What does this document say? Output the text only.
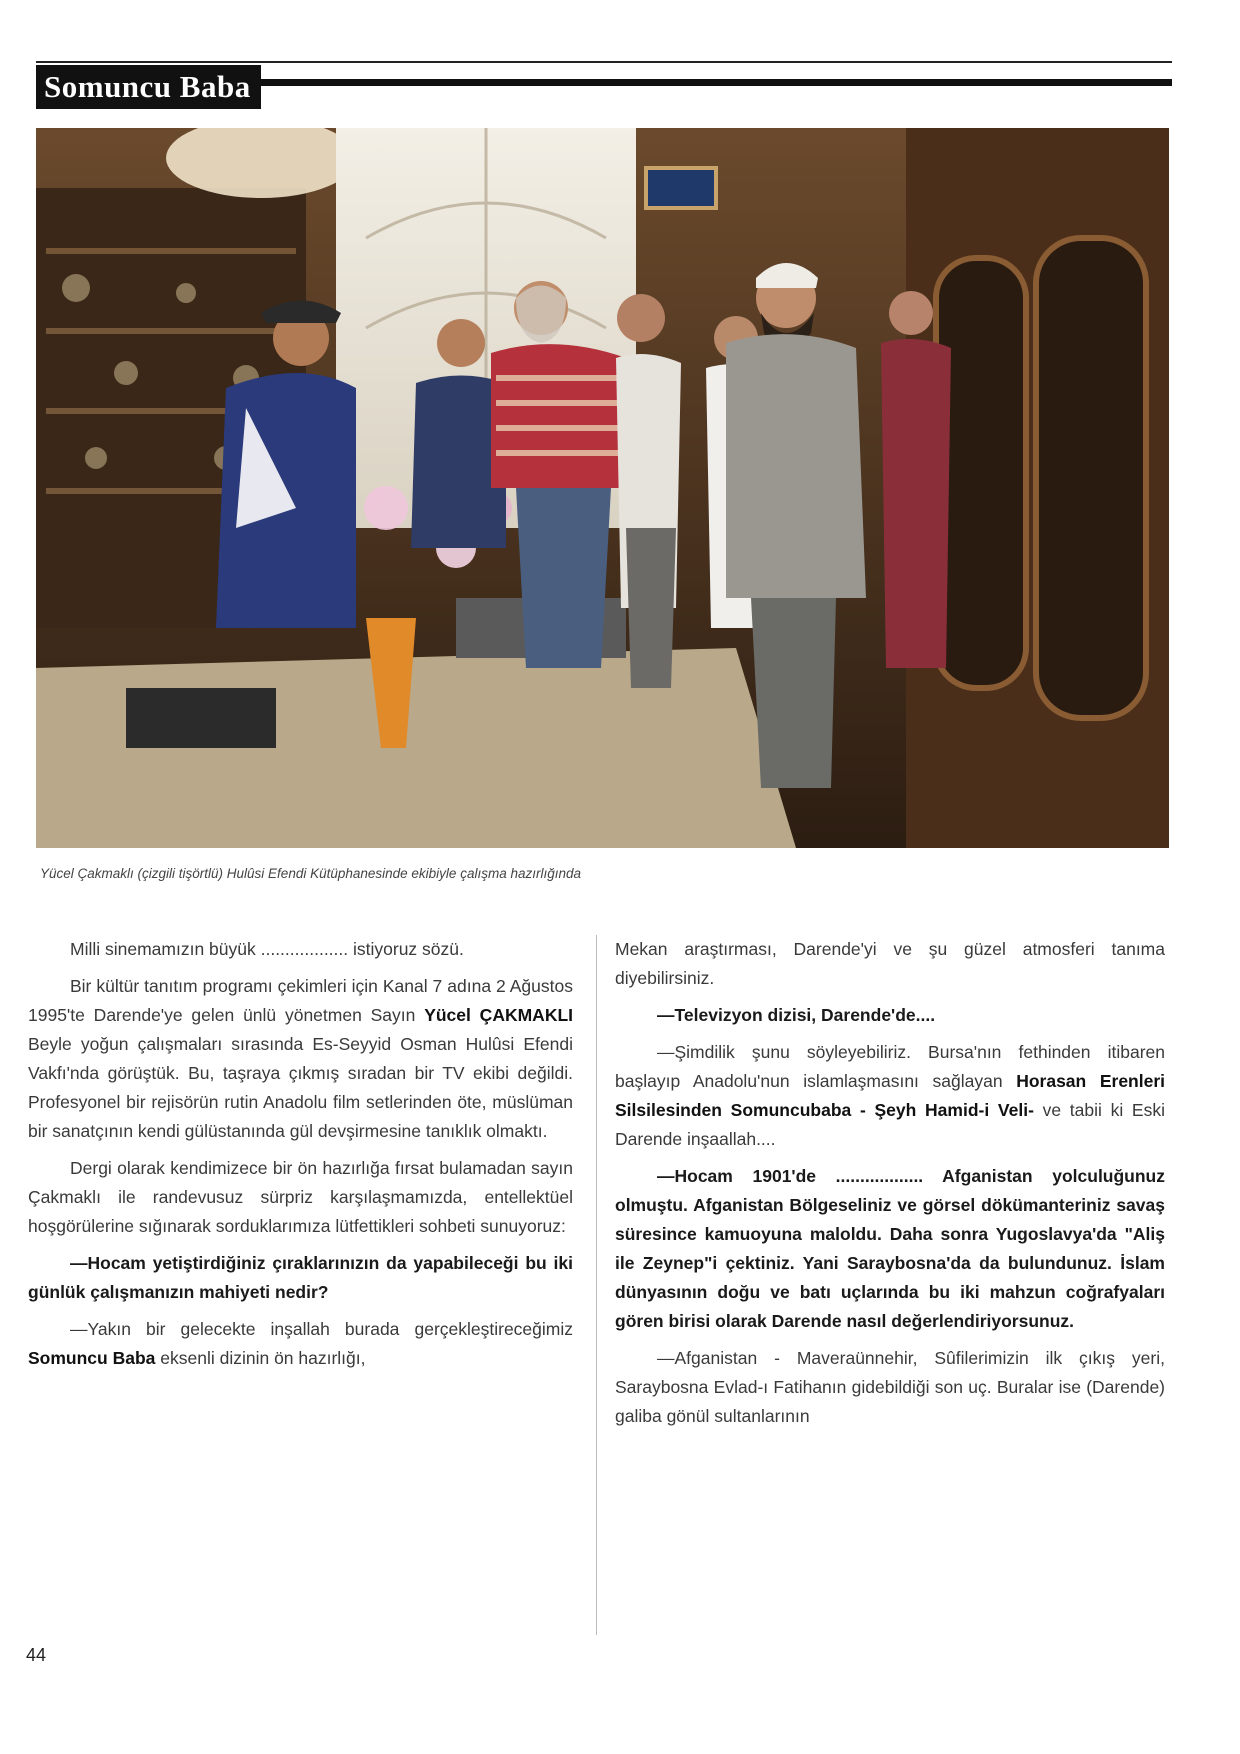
Somuncu Baba
Yücel Çakmaklı (çizgili tişörtlü) Hulûsi Efendi Kütüphanesinde ekibiyle çalışma hazırlığında

Milli sinemamızın büyük .................. istiyoruz sözü.

Bir kültür tanıtım programı çekimleri için Kanal 7 adına 2 Ağustos 1995'te Darende'ye gelen ünlü yönetmen Sayın Yücel ÇAKMAKLI Beyle yoğun çalışmaları sırasında Es-Seyyid Osman Hulûsi Efendi Vakfı'nda görüştük. Bu, taşraya çıkmış sıradan bir TV ekibi değildi. Profesyonel bir rejisörün rutin Anadolu film setlerinden öte, müslüman bir sanatçının kendi gülüstanında gül devşirmesine tanıklık olmaktı.

Dergi olarak kendimizece bir ön hazırlığa fırsat bulamadan sayın Çakmaklı ile randevusuz sürpriz karşılaşmamızda, entellektüel hoşgörülerine sığınarak sorduklarımıza lütfettikleri sohbeti sunuyoruz:

—Hocam yetiştirdiğiniz çıraklarınızın da yapabileceği bu iki günlük çalışmanızın mahiyeti nedir?

—Yakın bir gelecekte inşallah burada gerçekleştireceğimiz Somuncu Baba eksenli dizinin ön hazırlığı,

Mekan araştırması, Darende'yi ve şu güzel atmosferi tanıma diyebilirsiniz.

—Televizyon dizisi, Darende'de....

—Şimdilik şunu söyleyebiliriz. Bursa'nın fethinden itibaren başlayıp Anadolu'nun islamlaşmasını sağlayan Horasan Erenleri Silsilesinden Somuncubaba - Şeyh Hamid-i Veli- ve tabii ki Eski Darende inşaallah....

—Hocam 1901'de .................. Afganistan yolculuğunuz olmuştu. Afganistan Bölgeseliniz ve görsel dökümanteriniz savaş süresince kamuoyuna maloldu. Daha sonra Yugoslavya'da "Aliş ile Zeynep"i çektiniz. Yani Saraybosna'da da bulundunuz. İslam dünyasının doğu ve batı uçlarında bu iki mahzun coğrafyaları gören birisi olarak Darende nasıl değerlendiriyorsunuz.

—Afganistan - Maveraünnehir, Sûfilerimizin ilk çıkış yeri, Saraybosna Evlad-ı Fatihanın gidebildiği son uç. Buralar ise (Darende) galiba gönül sultanlarının

44
